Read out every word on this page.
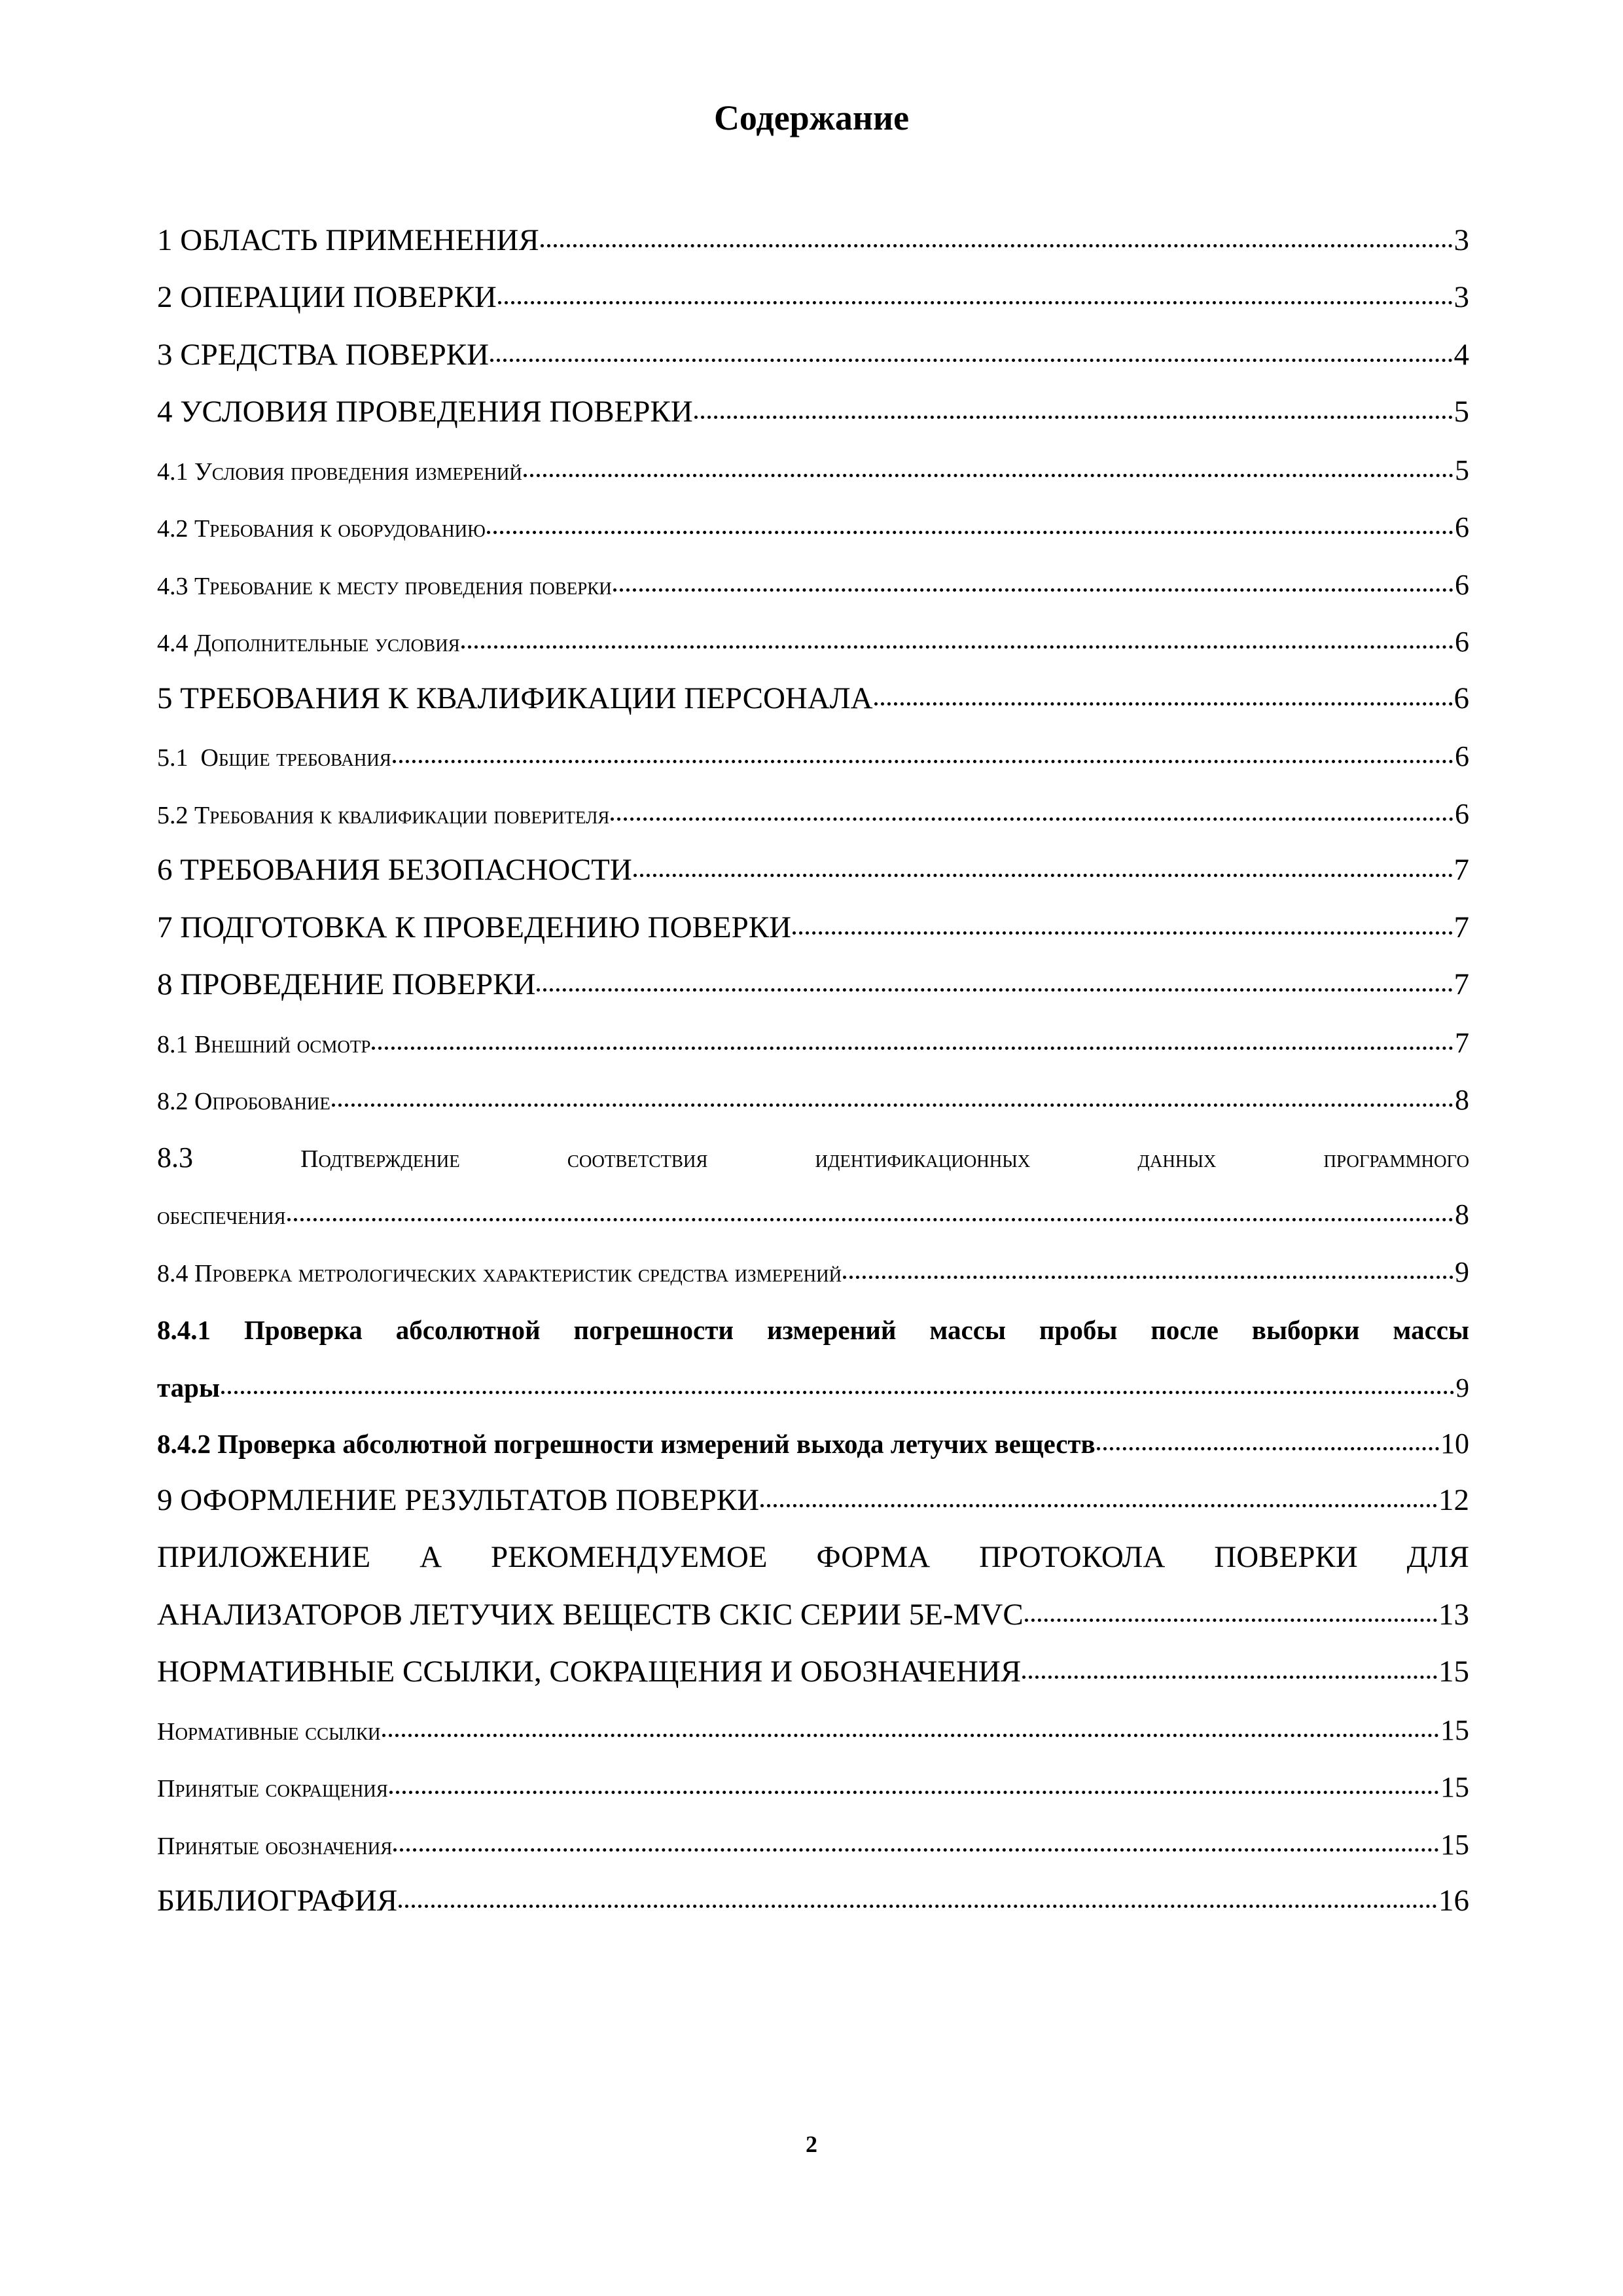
Содержание
1 ОБЛАСТЬ ПРИМЕНЕНИЯ	3
2 ОПЕРАЦИИ ПОВЕРКИ	3
3 СРЕДСТВА ПОВЕРКИ	4
4 УСЛОВИЯ ПРОВЕДЕНИЯ ПОВЕРКИ	5
4.1 Условия проведения измерений	5
4.2 Требования к оборудованию	6
4.3 Требование к месту проведения поверки	6
4.4 Дополнительные условия	6
5 ТРЕБОВАНИЯ К КВАЛИФИКАЦИИ ПЕРСОНАЛА	6
5.1  Общие требования	6
5.2 Требования к квалификации поверителя	6
6 ТРЕБОВАНИЯ БЕЗОПАСНОСТИ	7
7 ПОДГОТОВКА К ПРОВЕДЕНИЮ ПОВЕРКИ	7
8 ПРОВЕДЕНИЕ ПОВЕРКИ	7
8.1 Внешний осмотр	7
8.2 Опробование	8
8.3	Подтверждение	соответствия	идентификационных	данных	программного
обеспечения	8
8.4 Проверка метрологических характеристик средства измерений	9
8.4.1 Проверка абсолютной погрешности измерений массы пробы после выборки массы
тары	9
8.4.2 Проверка абсолютной погрешности измерений выхода летучих веществ	10
9 ОФОРМЛЕНИЕ РЕЗУЛЬТАТОВ ПОВЕРКИ	12
ПРИЛОЖЕНИЕ А РЕКОМЕНДУЕМОЕ ФОРМА ПРОТОКОЛА ПОВЕРКИ ДЛЯ
АНАЛИЗАТОРОВ ЛЕТУЧИХ ВЕЩЕСТВ CKIC СЕРИИ 5E-MVC	13
НОРМАТИВНЫЕ ССЫЛКИ, СОКРАЩЕНИЯ И ОБОЗНАЧЕНИЯ	15
Нормативные ссылки	15
Принятые сокращения	15
Принятые обозначения	15
БИБЛИОГРАФИЯ	16
2
